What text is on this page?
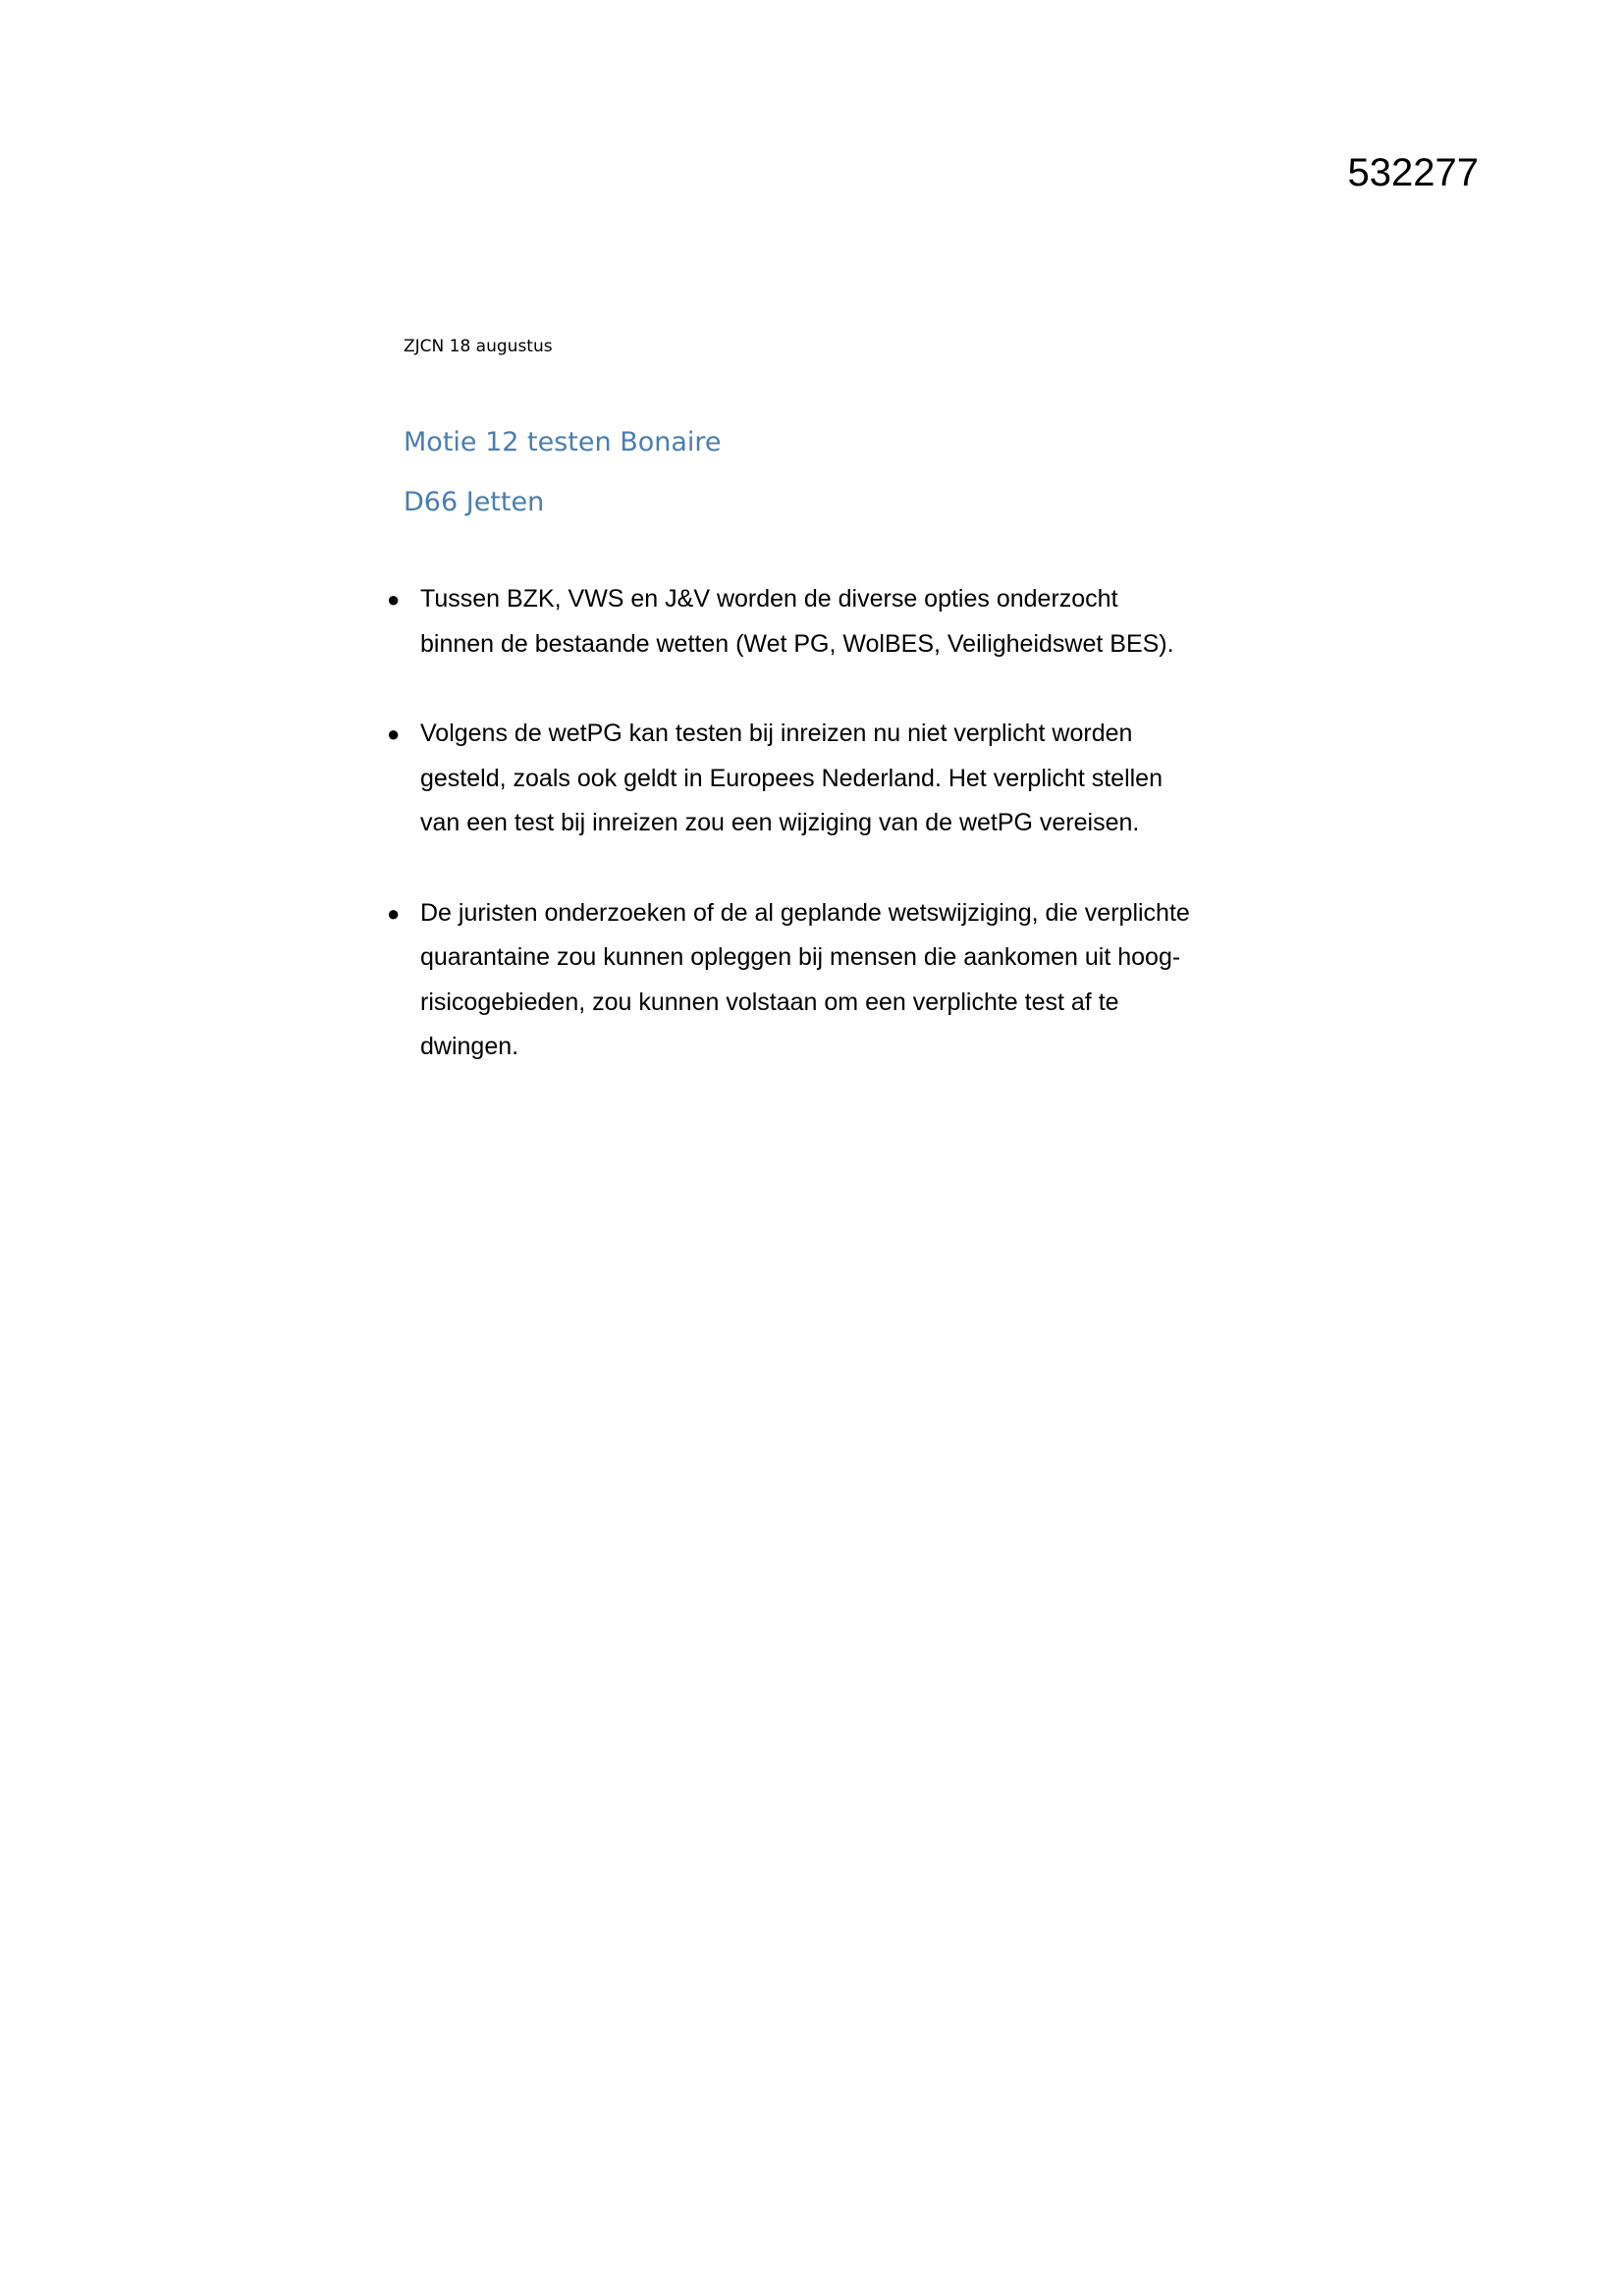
532277
ZJCN 18 augustus
Motie 12 testen Bonaire
D66 Jetten
● Tussen BZK, VWS en J&V worden de diverse opties onderzocht
binnen de bestaande wetten (Wet PG, WolBES, Veiligheidswet BES).
● Volgens de wetPG kan testen bij inreizen nu niet verplicht worden
gesteld, zoals ook geldt in Europees Nederland. Het verplicht stellen
van een test bij inreizen zou een wijziging van de wetPG vereisen.
● De juristen onderzoeken of de al geplande wetswijziging, die verplichte
quarantaine zou kunnen opleggen bij mensen die aankomen uit hoog-
risicogebieden, zou kunnen volstaan om een verplichte test af te
dwingen.
